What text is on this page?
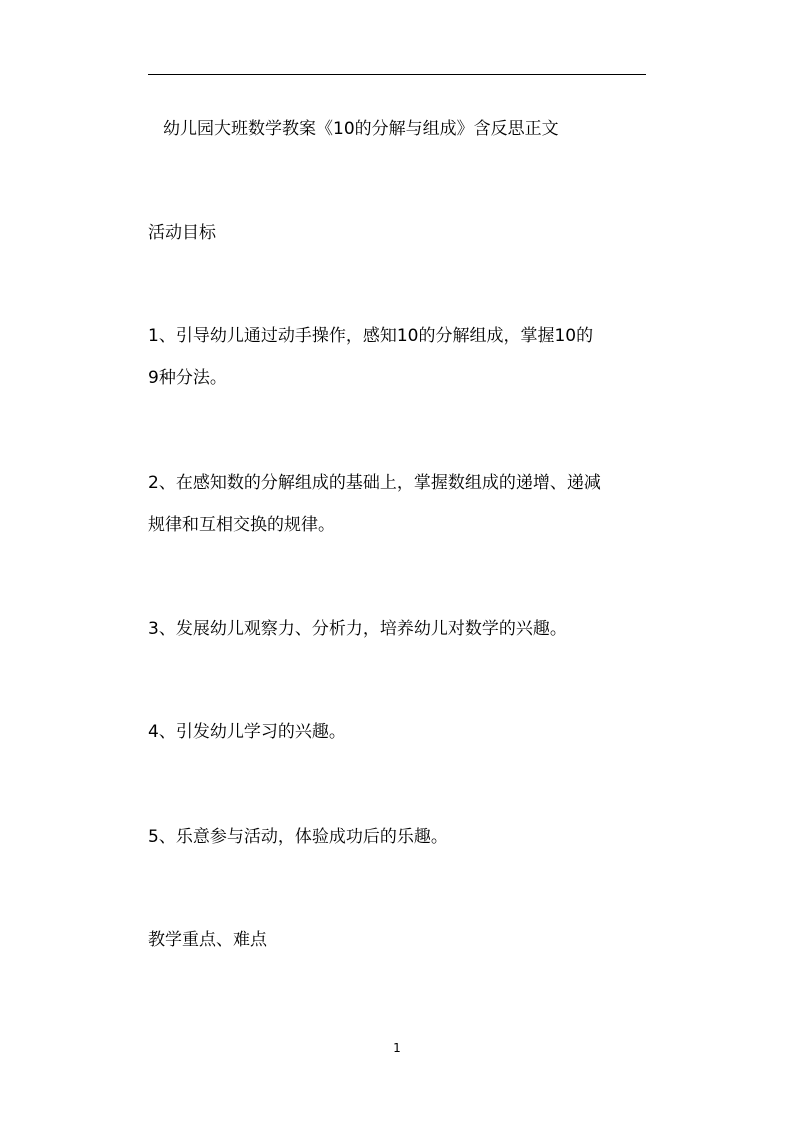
幼儿园大班数学教案《10的分解与组成》含反思正文
活动目标
1、引导幼儿通过动手操作，感知10的分解组成，掌握10的
9种分法。
2、在感知数的分解组成的基础上，掌握数组成的递增、递减
规律和互相交换的规律。
3、发展幼儿观察力、分析力，培养幼儿对数学的兴趣。
4、引发幼儿学习的兴趣。
5、乐意参与活动，体验成功后的乐趣。
教学重点、难点
1
